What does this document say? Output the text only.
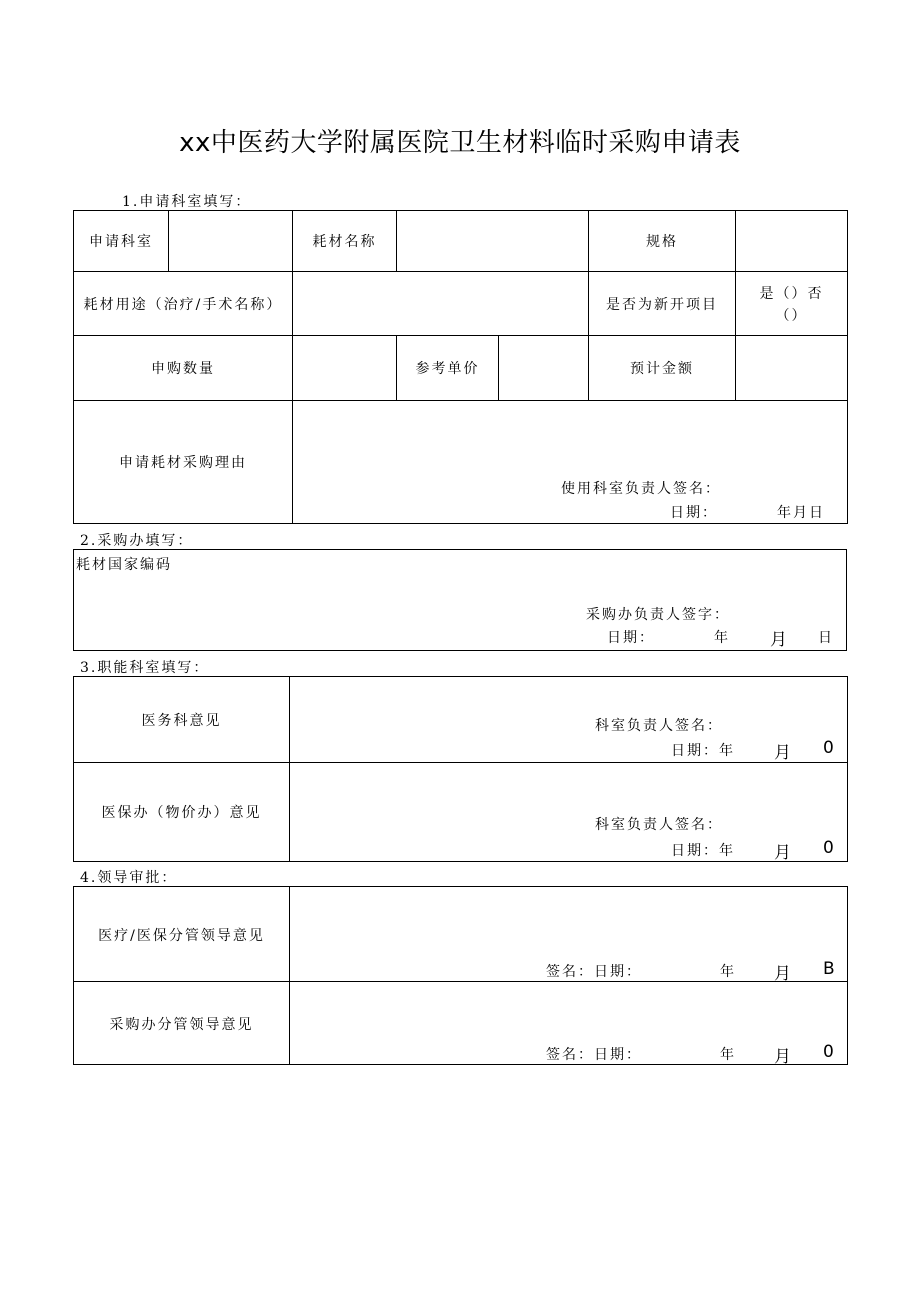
xx中医药大学附属医院卫生材料临时采购申请表
1.申请科室填写：
申请科室		耗材名称			规格	
耗材用途（治疗/手术名称）					是否为新开项目	是（）否
（）

申购数量			参考单价		预计金额	
申请耗材采购理由		使用科室负责人签名：
日期： 年月日				
2.采购办填写：
耗材国家编码
采购办负责人签字：
日期：	年 月 日
3.职能科室填写：
医务科意见	科室负责人签名：
日期：年 月 0

医保办（物价办）意见	科室负责人签名：
日期：年 月 0
4.领导审批：
医疗/医保分管领导意见	签名：日期： 年 月 B

采购办分管领导意见	签名：日期： 年 月 0
